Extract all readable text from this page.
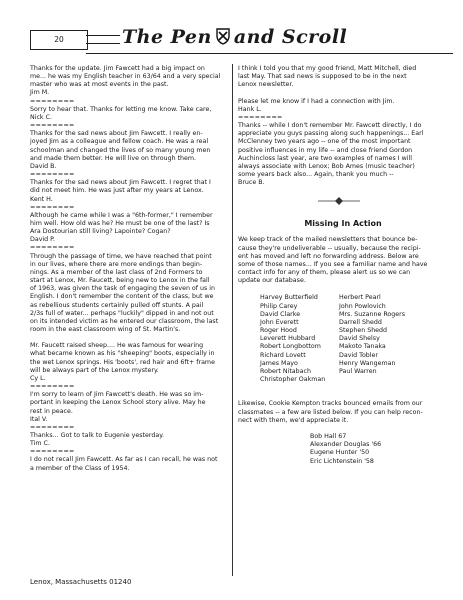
20	The Pen and Scroll

Thanks for the update. Jim Fawcett had a big impact on

me... he was my English teacher in 63/64 and a very special

master who was at most events in the past.

Jim M.

========

Sorry to hear that. Thanks for letting me know. Take care,

Nick C.

========

Thanks for the sad news about Jim Fawcett. I really en-

joyed Jim as a colleague and fellow coach. He was a real

schoolman and changed the lives of so many young men

and made them better. He will live on through them.

David B.

========

Thanks for the sad news about Jim Fawcett. I regret that I

did not meet him. He was just after my years at Lenox.

Kent H.

========

Although he came while I was a "6th-former," I remember

him well. How old was he? He must be one of the last? Is

Ara Dostourian still living? Lapointe? Cogan?

David P.

========

Through the passage of time, we have reached that point

in our lives, where there are more endings than begin-

nings. As a member of the last class of 2nd Formers to

start at Lenox, Mr. Faucett, being new to Lenox in the fall

of 1963, was given the task of engaging the seven of us in

English. I don't remember the content of the class, but we

as rebellious students certainly pulled off stunts. A pail

2/3s full of water... perhaps "luckily" dipped in and not out

on its intended victim as he entered our classroom, the last

room in the east classroom wing of St. Martin's.

Mr. Faucett raised sheep.... He was famous for wearing

what became known as his "sheeping" boots, especially in

the wet Lenox springs. His 'boots', red hair and 6ft+ frame

will be always part of the Lenox mystery.

Cy L.

========

I'm sorry to learn of Jim Fawcett's death. He was so im-

portant in keeping the Lenox School story alive. May he

rest in peace.

Ital V.

========

Thanks... Got to talk to Eugenie yesterday.

Tim C.

========

I do not recall Jim Fawcett. As far as I can recall, he was not

a member of the Class of 1954.

I think I told you that my good friend, Matt Mitchell, died

last May. That sad news is supposed to be in the next

Lenox newsletter.

Please let me know if I had a connection with Jim.

Hank L.

========

Thanks -- while I don't remember Mr. Fawcett directly, I do

appreciate you guys passing along such happenings... Earl

McClenney two years ago -- one of the most important

positive influences in my life -- and close friend Gordon

Auchincloss last year, are two examples of names I will

always associate with Lenox; Bob Ames (music teacher)

some years back also... Again, thank you much --

Bruce B.

Missing In Action
We keep track of the mailed newsletters that bounce be-
cause they're undeliverable -- usually, because the recipi-
ent has moved and left no forwarding address. Below are
some of those names... If you see a familiar name and have
contact info for any of them, please alert us so we can
update our database.
Harvey Butterfield
Philip Carey
David Clarke
John Everett
Roger Hood
Leverett Hubbard
Robert Longbottom
Richard Lovett
James Mayo
Robert Nitabach
Christopher Oakman
Herbert Pearl
John Powlovich
Mrs. Suzanne Rogers
Darrell Shedd
Stephen Shedd
David Shelsy
Makoto Tanaka
David Tobler
Henry Wangeman
Paul Warren
Likewise, Cookie Kempton tracks bounced emails from our
classmates -- a few are listed below. If you can help recon-
nect with them, we'd appreciate it.
Bob Hall 67
Alexander Douglas '66
Eugene Hunter '50
Eric Lichtenstein '58
Lenox, Massachusetts 01240
